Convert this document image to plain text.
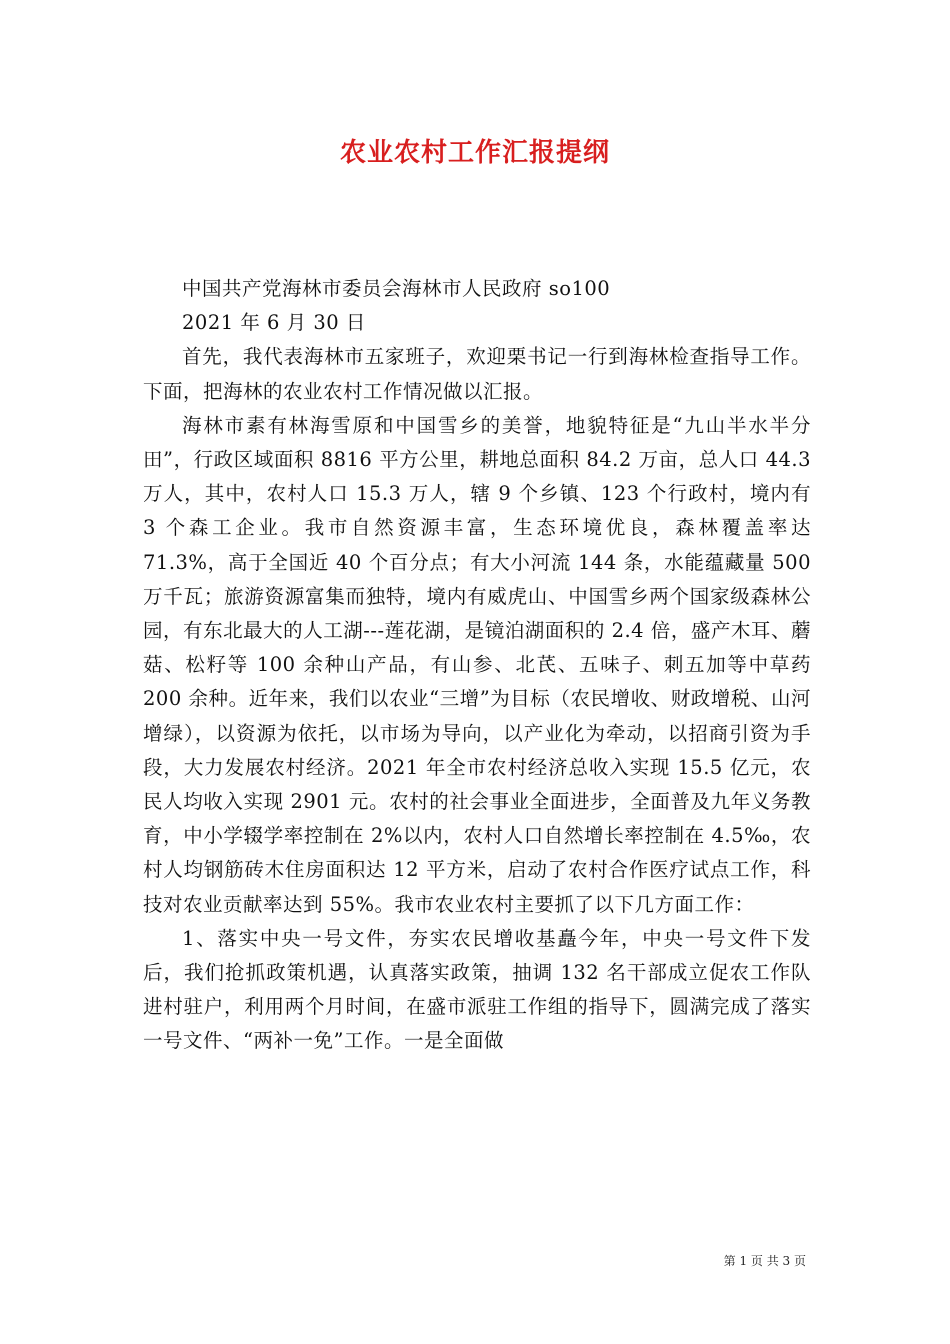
农业农村工作汇报提纲

中国共产党海林市委员会海林市人民政府 so100

2021 年 6 月 30 日

首先，我代表海林市五家班子，欢迎栗书记一行到海林检查指导工作。下面，把海林的农业农村工作情况做以汇报。

海林市素有林海雪原和中国雪乡的美誉，地貌特征是“九山半水半分田”，行政区域面积 8816 平方公里，耕地总面积 84.2 万亩，总人口 44.3 万人，其中，农村人口 15.3 万人，辖 9 个乡镇、123 个行政村，境内有 3 个森工企业。我市自然资源丰富，生态环境优良，森林覆盖率达 71.3%，高于全国近 40 个百分点；有大小河流 144 条，水能蕴藏量 500 万千瓦；旅游资源富集而独特，境内有威虎山、中国雪乡两个国家级森林公园，有东北最大的人工湖---莲花湖，是镜泊湖面积的 2.4 倍，盛产木耳、蘑菇、松籽等 100 余种山产品，有山参、北芪、五味子、刺五加等中草药 200 余种。近年来，我们以农业“三增”为目标（农民增收、财政增税、山河增绿），以资源为依托，以市场为导向，以产业化为牵动，以招商引资为手段，大力发展农村经济。2021 年全市农村经济总收入实现 15.5 亿元，农民人均收入实现 2901 元。农村的社会事业全面进步，全面普及九年义务教育，中小学辍学率控制在 2%以内，农村人口自然增长率控制在 4.5‰，农村人均钢筋砖木住房面积达 12 平方米，启动了农村合作医疗试点工作，科技对农业贡献率达到 55%。我市农业农村主要抓了以下几方面工作：

1、落实中央一号文件，夯实农民增收基矗今年，中央一号文件下发后，我们抢抓政策机遇，认真落实政策，抽调 132 名干部成立促农工作队进村驻户，利用两个月时间，在盛市派驻工作组的指导下，圆满完成了落实一号文件、“两补一免”工作。一是全面做

第 1 页 共 3 页
